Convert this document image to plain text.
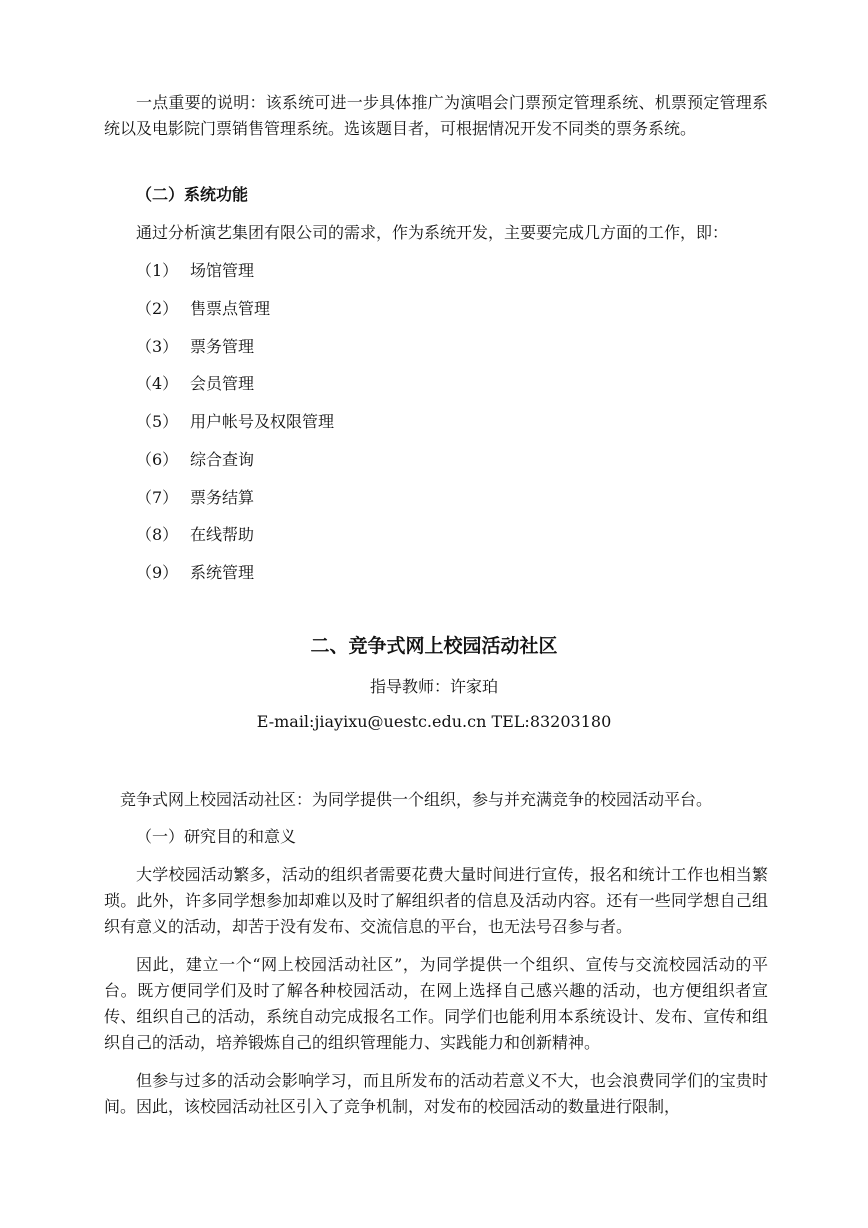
一点重要的说明：该系统可进一步具体推广为演唱会门票预定管理系统、机票预定管理系统以及电影院门票销售管理系统。选该题目者，可根据情况开发不同类的票务系统。

（二）系统功能

通过分析演艺集团有限公司的需求，作为系统开发，主要要完成几方面的工作，即：

（1） 场馆管理
（2） 售票点管理
（3） 票务管理
（4） 会员管理
（5） 用户帐号及权限管理
（6） 综合查询
（7） 票务结算
（8） 在线帮助
（9） 系统管理

二、竞争式网上校园活动社区

指导教师：许家珀

E-mail:jiayixu@uestc.edu.cn TEL:83203180

竞争式网上校园活动社区：为同学提供一个组织，参与并充满竞争的校园活动平台。

（一）研究目的和意义

大学校园活动繁多，活动的组织者需要花费大量时间进行宣传，报名和统计工作也相当繁琐。此外，许多同学想参加却难以及时了解组织者的信息及活动内容。还有一些同学想自己组织有意义的活动，却苦于没有发布、交流信息的平台，也无法号召参与者。

因此，建立一个“网上校园活动社区”，为同学提供一个组织、宣传与交流校园活动的平台。既方便同学们及时了解各种校园活动，在网上选择自己感兴趣的活动，也方便组织者宣传、组织自己的活动，系统自动完成报名工作。同学们也能利用本系统设计、发布、宣传和组织自己的活动，培养锻炼自己的组织管理能力、实践能力和创新精神。

但参与过多的活动会影响学习，而且所发布的活动若意义不大，也会浪费同学们的宝贵时间。因此，该校园活动社区引入了竞争机制，对发布的校园活动的数量进行限制，
